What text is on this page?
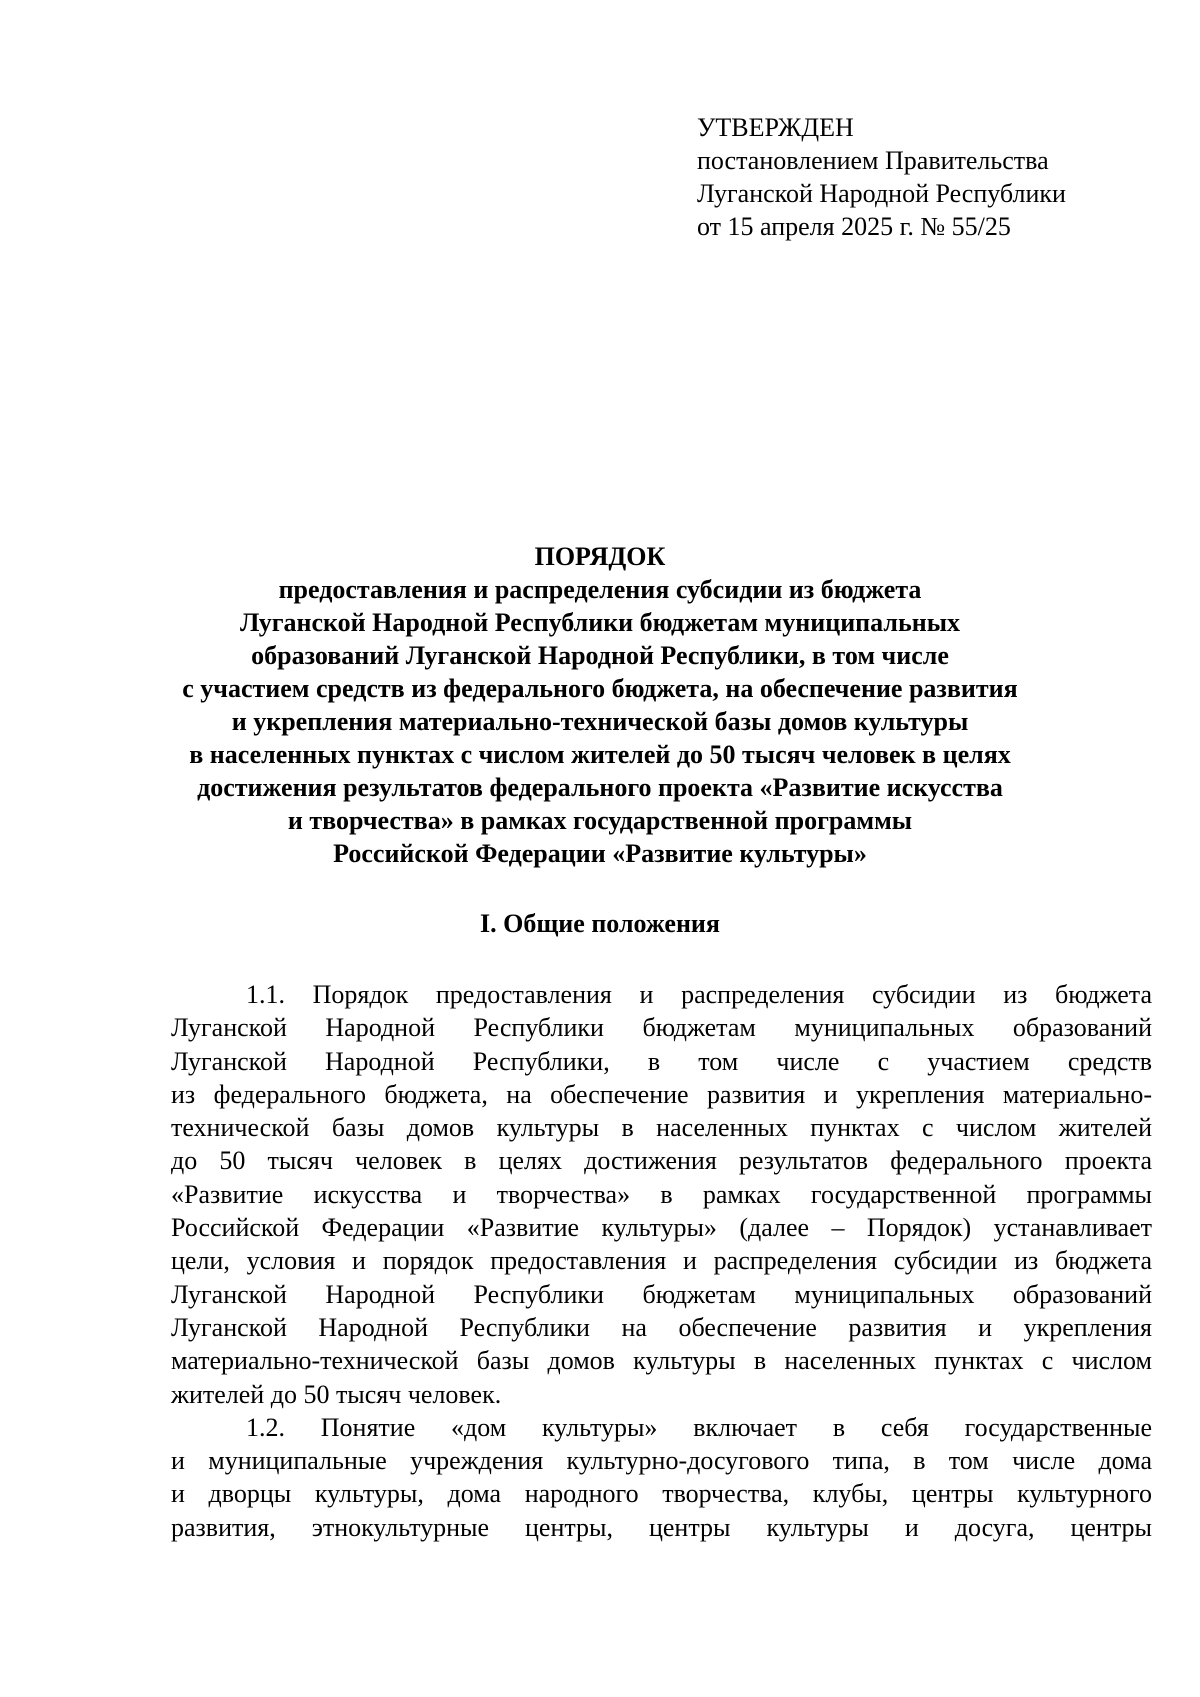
УТВЕРЖДЕН
постановлением Правительства
Луганской Народной Республики
от 15 апреля 2025 г. № 55/25
ПОРЯДОК
предоставления и распределения субсидии из бюджета
Луганской Народной Республики бюджетам муниципальных
образований Луганской Народной Республики, в том числе
с участием средств из федерального бюджета, на обеспечение развития
и укрепления материально-технической базы домов культуры
в населенных пунктах с числом жителей до 50 тысяч человек в целях
достижения результатов федерального проекта «Развитие искусства
и творчества» в рамках государственной программы
Российской Федерации «Развитие культуры»
I. Общие положения
1.1. Порядок предоставления и распределения субсидии из бюджета
Луганской Народной Республики бюджетам муниципальных образований
Луганской Народной Республики, в том числе с участием средств
из федерального бюджета, на обеспечение развития и укрепления материально-
технической базы домов культуры в населенных пунктах с числом жителей
до 50 тысяч человек в целях достижения результатов федерального проекта
«Развитие искусства и творчества» в рамках государственной программы
Российской Федерации «Развитие культуры» (далее – Порядок) устанавливает
цели, условия и порядок предоставления и распределения субсидии из бюджета
Луганской Народной Республики бюджетам муниципальных образований
Луганской Народной Республики на обеспечение развития и укрепления
материально-технической базы домов культуры в населенных пунктах с числом
жителей до 50 тысяч человек.
1.2. Понятие «дом культуры» включает в себя государственные
и муниципальные учреждения культурно-досугового типа, в том числе дома
и дворцы культуры, дома народного творчества, клубы, центры культурного
развития, этнокультурные центры, центры культуры и досуга, центры
